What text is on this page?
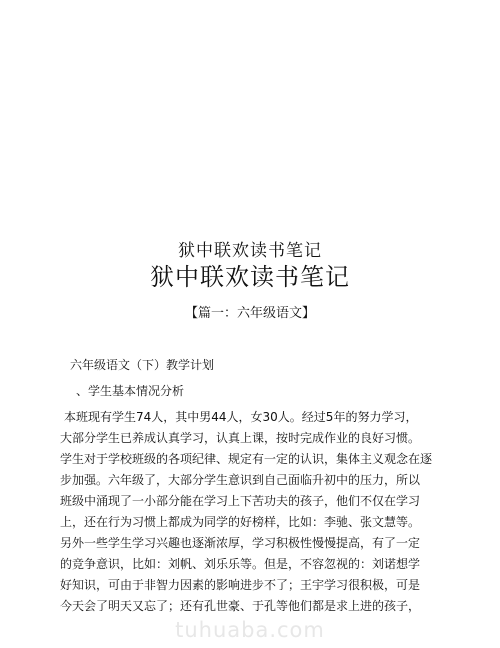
狱中联欢读书笔记
狱中联欢读书笔记
【篇一：六年级语文】
六年级语文（下）教学计划
、学生基本情况分析
本班现有学生74人，其中男44人，女30人。经过5年的努力学习，
大部分学生已养成认真学习，认真上课，按时完成作业的良好习惯。
学生对于学校班级的各项纪律、规定有一定的认识，集体主义观念在逐
步加强。六年级了，大部分学生意识到自己面临升初中的压力，所以
班级中涌现了一小部分能在学习上下苦功夫的孩子，他们不仅在学习
上，还在行为习惯上都成为同学的好榜样，比如：李驰、张文慧等。
另外一些学生学习兴趣也逐渐浓厚，学习积极性慢慢提高，有了一定
的竞争意识，比如：刘帆、刘乐乐等。但是，不容忽视的：刘诺想学
好知识，可由于非智力因素的影响进步不了；王宇学习很积极，可是
今天会了明天又忘了；还有孔世豪、于孔等他们都是求上进的孩子，
tuhuaba.com
